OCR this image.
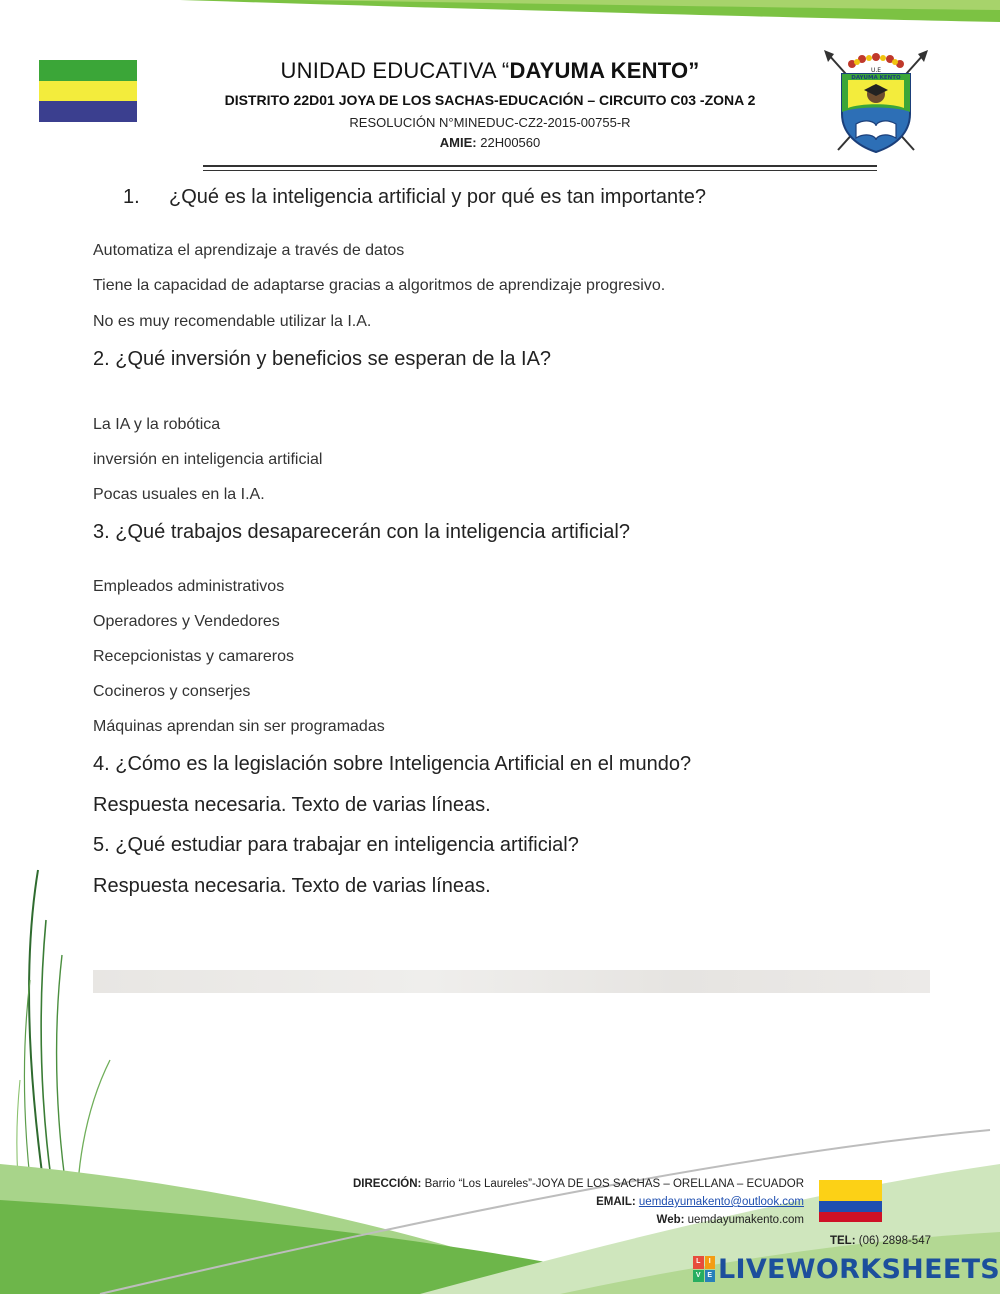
UNIDAD EDUCATIVA “DAYUMA KENTO”
DISTRITO 22D01 JOYA DE LOS SACHAS-EDUCACIÓN – CIRCUITO C03 -ZONA 2
RESOLUCIÓN N°MINEDUC-CZ2-2015-00755-R
AMIE: 22H00560
U.E
DAYUMA KENTO
1. ¿Qué es la inteligencia artificial y por qué es tan importante?
Automatiza el aprendizaje a través de datos
Tiene la capacidad de adaptarse gracias a algoritmos de aprendizaje progresivo.
No es muy recomendable utilizar la I.A.
2. ¿Qué inversión y beneficios se esperan de la IA?
La IA y la robótica
inversión en inteligencia artificial
Pocas usuales en la I.A.
3. ¿Qué trabajos desaparecerán con la inteligencia artificial?
Empleados administrativos
Operadores y Vendedores
Recepcionistas y camareros
Cocineros y conserjes
Máquinas aprendan sin ser programadas
4. ¿Cómo es la legislación sobre Inteligencia Artificial en el mundo?
Respuesta necesaria. Texto de varias líneas.
5. ¿Qué estudiar para trabajar en inteligencia artificial?
Respuesta necesaria. Texto de varias líneas.
DIRECCIÓN: Barrio “Los Laureles”-JOYA DE LOS SACHAS – ORELLANA – ECUADOR
EMAIL: uemdayumakento@outlook.com
Web: uemdayumakento.com
TEL: (06) 2898-547
L	I
V E LIVEWORKSHEETS
